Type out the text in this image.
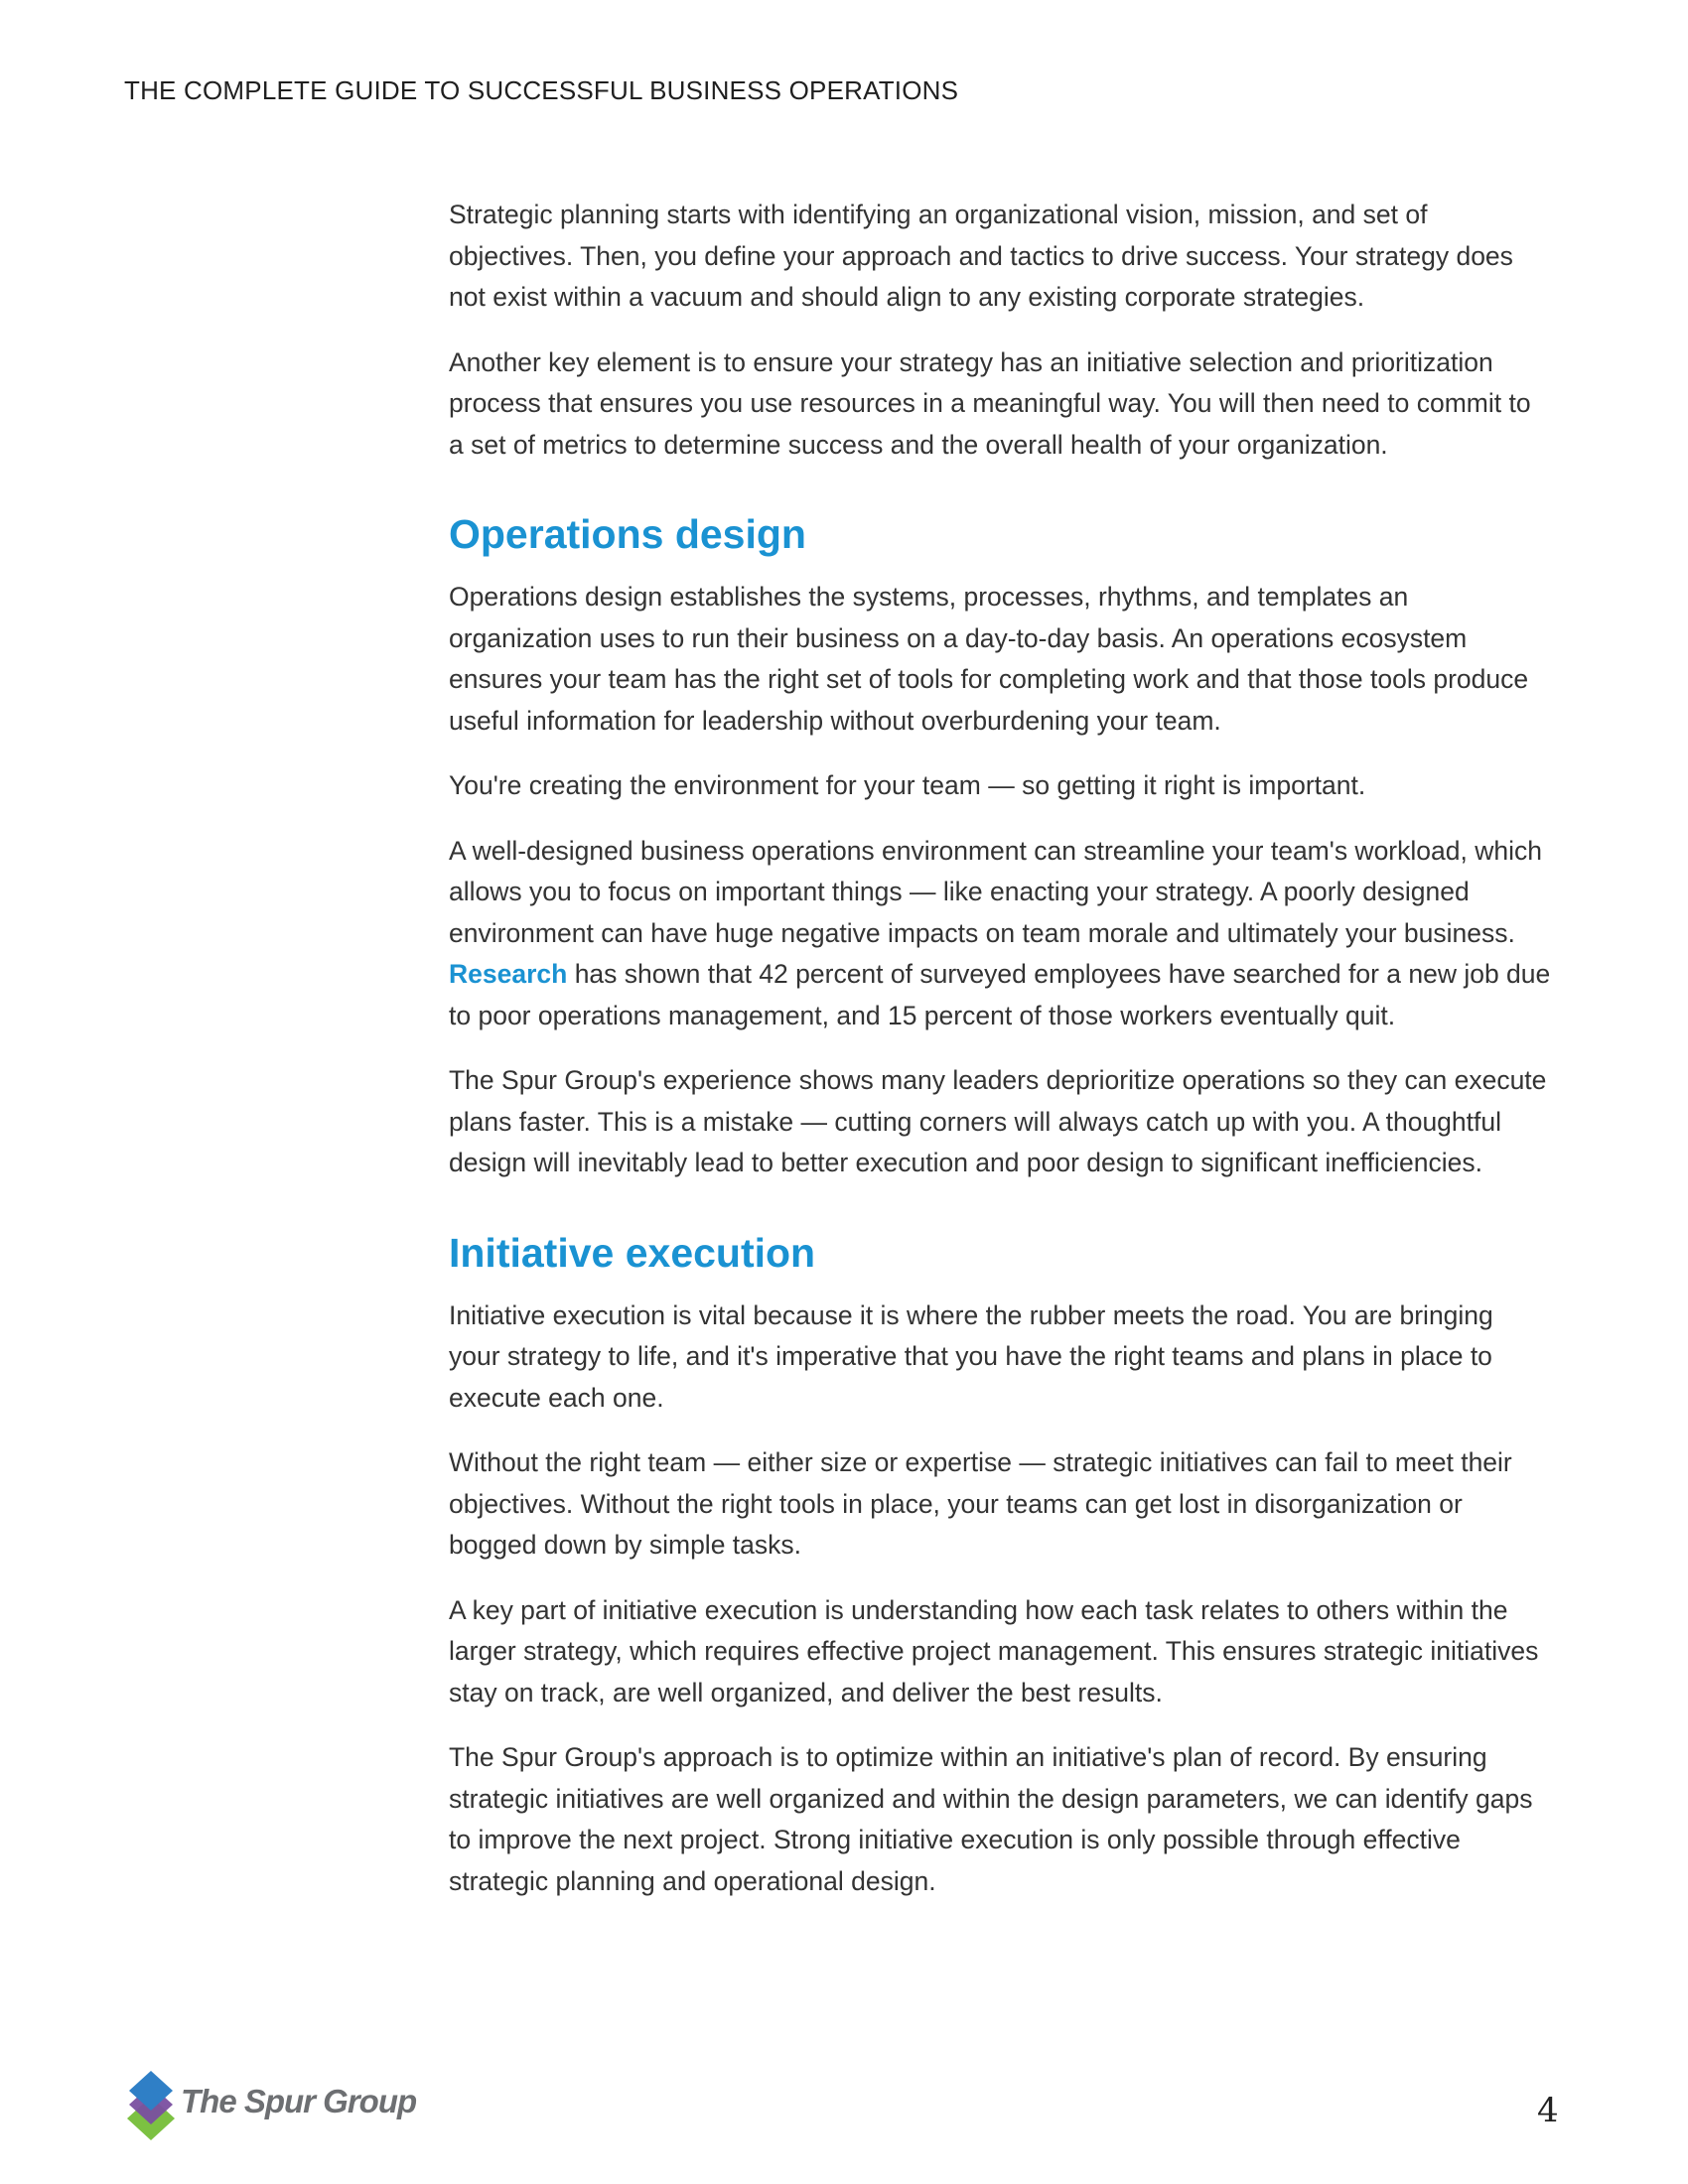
THE COMPLETE GUIDE TO SUCCESSFUL BUSINESS OPERATIONS

Strategic planning starts with identifying an organizational vision, mission, and set of objectives. Then, you define your approach and tactics to drive success. Your strategy does not exist within a vacuum and should align to any existing corporate strategies.

Another key element is to ensure your strategy has an initiative selection and prioritization process that ensures you use resources in a meaningful way. You will then need to commit to a set of metrics to determine success and the overall health of your organization.

Operations design

Operations design establishes the systems, processes, rhythms, and templates an organization uses to run their business on a day-to-day basis. An operations ecosystem ensures your team has the right set of tools for completing work and that those tools produce useful information for leadership without overburdening your team.

You're creating the environment for your team — so getting it right is important.

A well-designed business operations environment can streamline your team's workload, which allows you to focus on important things — like enacting your strategy. A poorly designed environment can have huge negative impacts on team morale and ultimately your business. Research has shown that 42 percent of surveyed employees have searched for a new job due to poor operations management, and 15 percent of those workers eventually quit.

The Spur Group's experience shows many leaders deprioritize operations so they can execute plans faster. This is a mistake — cutting corners will always catch up with you. A thoughtful design will inevitably lead to better execution and poor design to significant inefficiencies.

Initiative execution

Initiative execution is vital because it is where the rubber meets the road. You are bringing your strategy to life, and it's imperative that you have the right teams and plans in place to execute each one.

Without the right team — either size or expertise — strategic initiatives can fail to meet their objectives. Without the right tools in place, your teams can get lost in disorganization or bogged down by simple tasks.

A key part of initiative execution is understanding how each task relates to others within the larger strategy, which requires effective project management. This ensures strategic initiatives stay on track, are well organized, and deliver the best results.

The Spur Group's approach is to optimize within an initiative's plan of record. By ensuring strategic initiatives are well organized and within the design parameters, we can identify gaps to improve the next project. Strong initiative execution is only possible through effective strategic planning and operational design.

The Spur Group	4
